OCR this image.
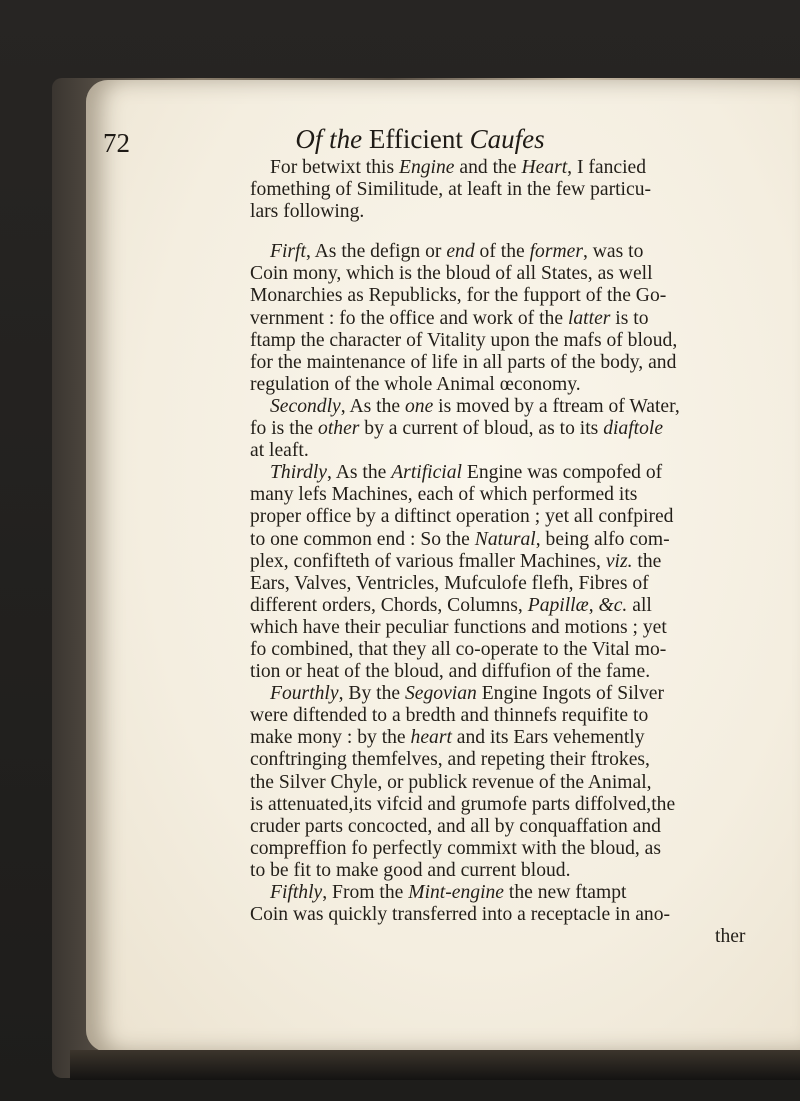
72	Of the Efficient Caufes
For betwixt this Engine and the Heart, I fancied
fomething of Similitude, at leaft in the few particu-
lars following.
Firft, As the defign or end of the former, was to
Coin mony, which is the bloud of all States, as well
Monarchies as Republicks, for the fupport of the Go-
vernment : fo the office and work of the latter is to
ftamp the character of Vitality upon the mafs of bloud,
for the maintenance of life in all parts of the body, and
regulation of the whole Animal œconomy.
Secondly, As the one is moved by a ftream of Water,
fo is the other by a current of bloud, as to its diaftole
at leaft.
Thirdly, As the Artificial Engine was compofed of
many lefs Machines, each of which performed its
proper office by a diftinct operation ; yet all confpired
to one common end : So the Natural, being alfo com-
plex, confifteth of various fmaller Machines, viz. the
Ears, Valves, Ventricles, Mufculofe flefh, Fibres of
different orders, Chords, Columns, Papillæ, &c. all
which have their peculiar functions and motions ; yet
fo combined, that they all co-operate to the Vital mo-
tion or heat of the bloud, and diffufion of the fame.
Fourthly, By the Segovian Engine Ingots of Silver
were diftended to a bredth and thinnefs requifite to
make mony : by the heart and its Ears vehemently
conftringing themfelves, and repeting their ftrokes,
the Silver Chyle, or publick revenue of the Animal,
is attenuated,its vifcid and grumofe parts diffolved,the
cruder parts concocted, and all by conquaffation and
compreffion fo perfectly commixt with the bloud, as
to be fit to make good and current bloud.
Fifthly, From the Mint-engine the new ftampt
Coin was quickly transferred into a receptacle in ano-
ther
